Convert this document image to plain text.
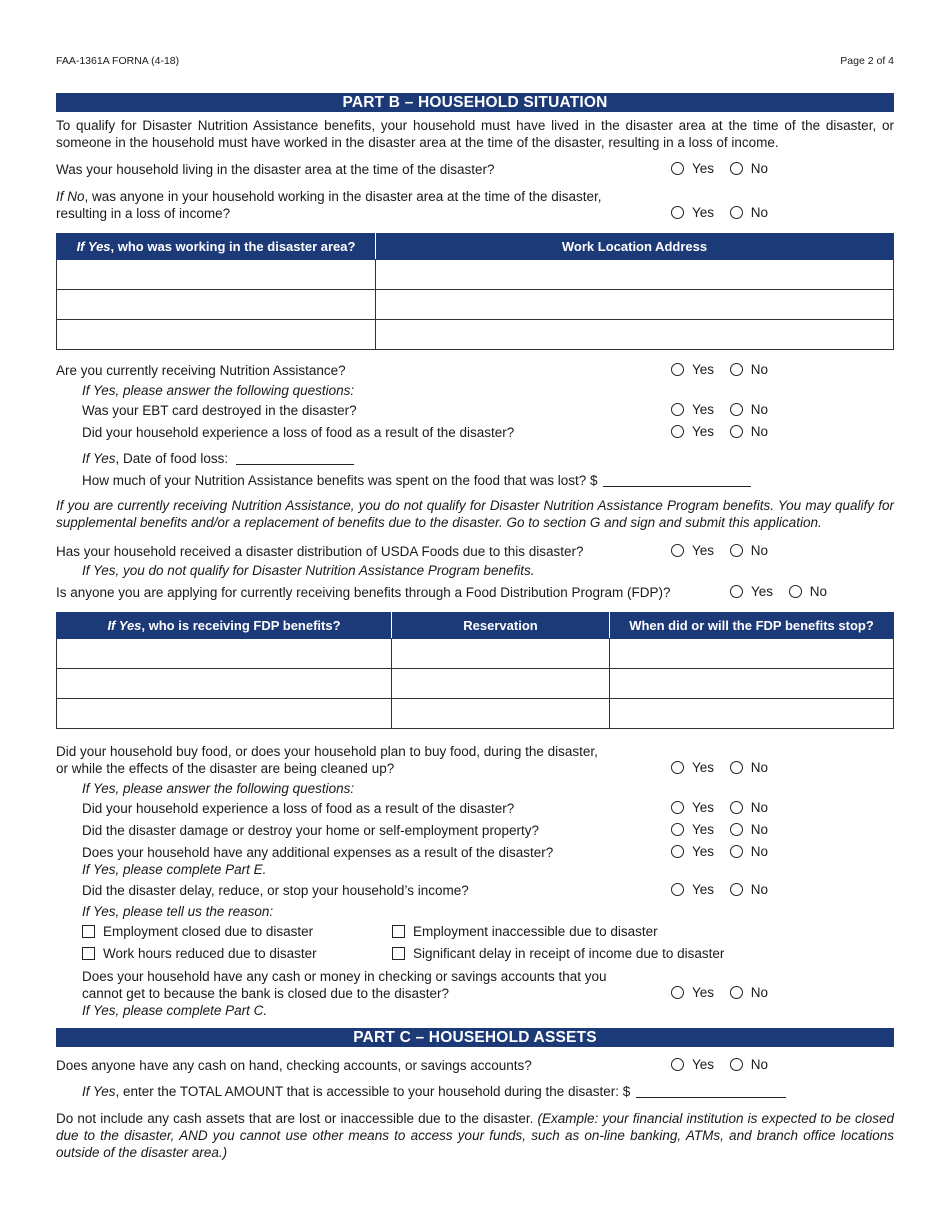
FAA-1361A FORNA (4-18)	Page 2 of 4
PART B – HOUSEHOLD SITUATION
To qualify for Disaster Nutrition Assistance benefits, your household must have lived in the disaster area at the time of the disaster, or someone in the household must have worked in the disaster area at the time of the disaster, resulting in a loss of income.
Was your household living in the disaster area at the time of the disaster?	Yes
	No
If No, was anyone in your household working in the disaster area at the time of the disaster,
resulting in a loss of income?	Yes
	No
If Yes, who was working in the disaster area?	Work Location Address

Are you currently receiving Nutrition Assistance?	Yes
	No
If Yes, please answer the following questions:
Was your EBT card destroyed in the disaster?	Yes
	No
Did your household experience a loss of food as a result of the disaster?	Yes
	No
If Yes, Date of food loss:
How much of your Nutrition Assistance benefits was spent on the food that was lost? $
If you are currently receiving Nutrition Assistance, you do not qualify for Disaster Nutrition Assistance Program benefits. You may qualify for supplemental benefits and/or a replacement of benefits due to the disaster. Go to section G and sign and submit this application.
Has your household received a disaster distribution of USDA Foods due to this disaster?	Yes
	No
If Yes, you do not qualify for Disaster Nutrition Assistance Program benefits.
Is anyone you are applying for currently receiving benefits through a Food Distribution Program (FDP)?	Yes
	No
If Yes, who is receiving FDP benefits?	Reservation	When did or will the FDP benefits stop?

Did your household buy food, or does your household plan to buy food, during the disaster,
or while the effects of the disaster are being cleaned up?	Yes
	No
If Yes, please answer the following questions:
Did your household experience a loss of food as a result of the disaster?	Yes
	No
Did the disaster damage or destroy your home or self-employment property?	Yes
	No
Does your household have any additional expenses as a result of the disaster?	Yes
	No
If Yes, please complete Part E.
Did the disaster delay, reduce, or stop your household’s income?	Yes
	No
If Yes, please tell us the reason:
Employment closed due to disaster	Employment inaccessible due to disaster
Work hours reduced due to disaster	Significant delay in receipt of income due to disaster
Does your household have any cash or money in checking or savings accounts that you
cannot get to because the bank is closed due to the disaster?
If Yes, please complete Part C.
Yes
	No
PART C – HOUSEHOLD ASSETS
Does anyone have any cash on hand, checking accounts, or savings accounts?	Yes
	No
If Yes, enter the TOTAL AMOUNT that is accessible to your household during the disaster: $
Do not include any cash assets that are lost or inaccessible due to the disaster. (Example: your financial institution is expected to be closed due to the disaster, AND you cannot use other means to access your funds, such as on-line banking, ATMs, and branch office locations outside of the disaster area.)
